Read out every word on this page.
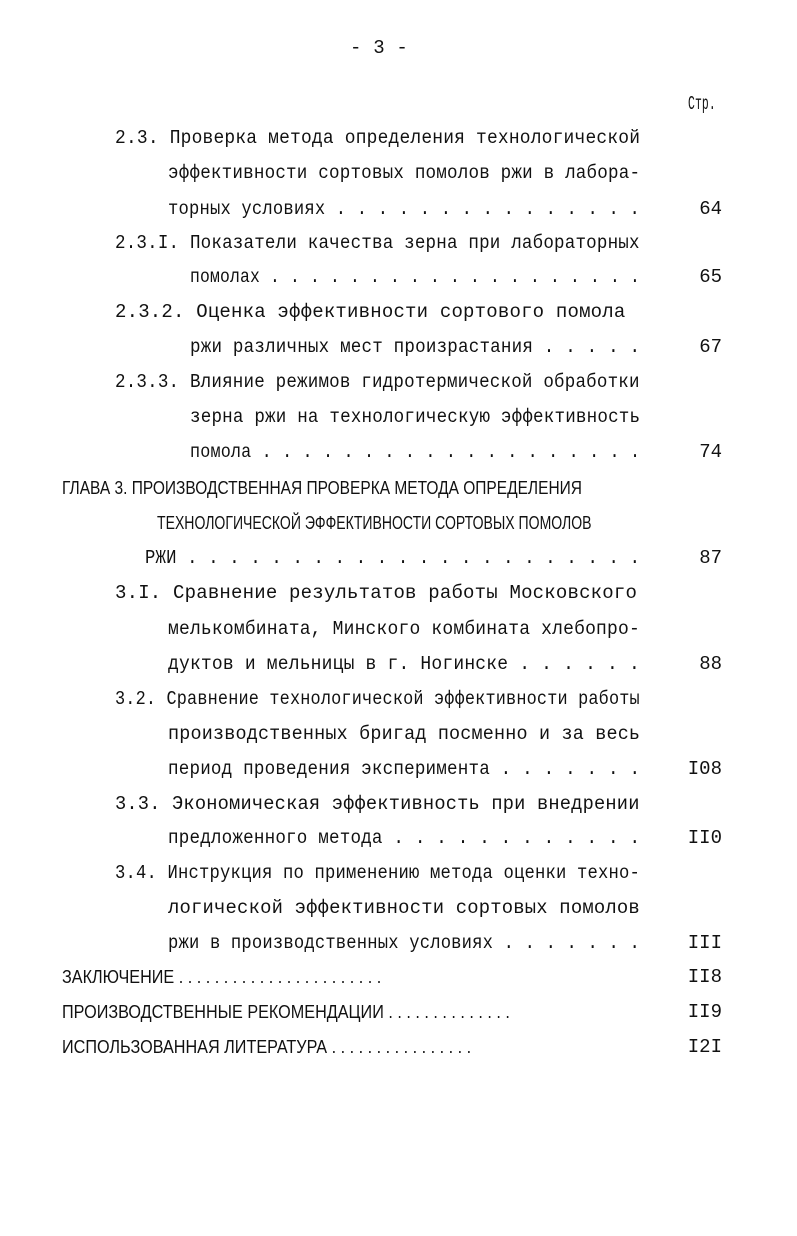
- 3 -
Стр.
2.3. Проверка метода определения технологической
эффективности сортовых помолов ржи в лабора-
торных условиях . . . . . . . . . . . . . . .	64
2.3.I. Показатели качества зерна при лабораторных
помолах . . . . . . . . . . . . . . . . . . .	65
2.3.2. Оценка эффективности сортового помола
ржи различных мест произрастания . . . . .	67
2.3.3. Влияние режимов гидротермической обработки
зерна ржи на технологическую эффективность
помола . . . . . . . . . . . . . . . . . . .	74
ГЛАВА 3. ПРОИЗВОДСТВЕННАЯ ПРОВЕРКА МЕТОДА ОПРЕДЕЛЕНИЯ
ТЕХНОЛОГИЧЕСКОЙ ЭФФЕКТИВНОСТИ СОРТОВЫХ ПОМОЛОВ
РЖИ . . . . . . . . . . . . . . . . . . . . . .	87
3.I. Сравнение результатов работы Московского
мелькомбината, Минского комбината хлебопро-
дуктов и мельницы в г. Ногинске . . . . . .	88
3.2. Сравнение технологической эффективности работы
производственных бригад посменно и за весь
период проведения эксперимента . . . . . . .	I08
3.3. Экономическая эффективность при внедрении
предложенного метода . . . . . . . . . . . .	II0
3.4. Инструкция по применению метода оценки техно-
логической эффективности сортовых помолов
ржи в производственных условиях . . . . . . .	III
ЗАКЛЮЧЕНИЕ . . . . . . . . . . . . . . . . . . . . . . .	II8
ПРОИЗВОДСТВЕННЫЕ РЕКОМЕНДАЦИИ . . . . . . . . . . . . . .	II9
ИСПОЛЬЗОВАННАЯ ЛИТЕРАТУРА . . . . . . . . . . . . . . . .	I2I
